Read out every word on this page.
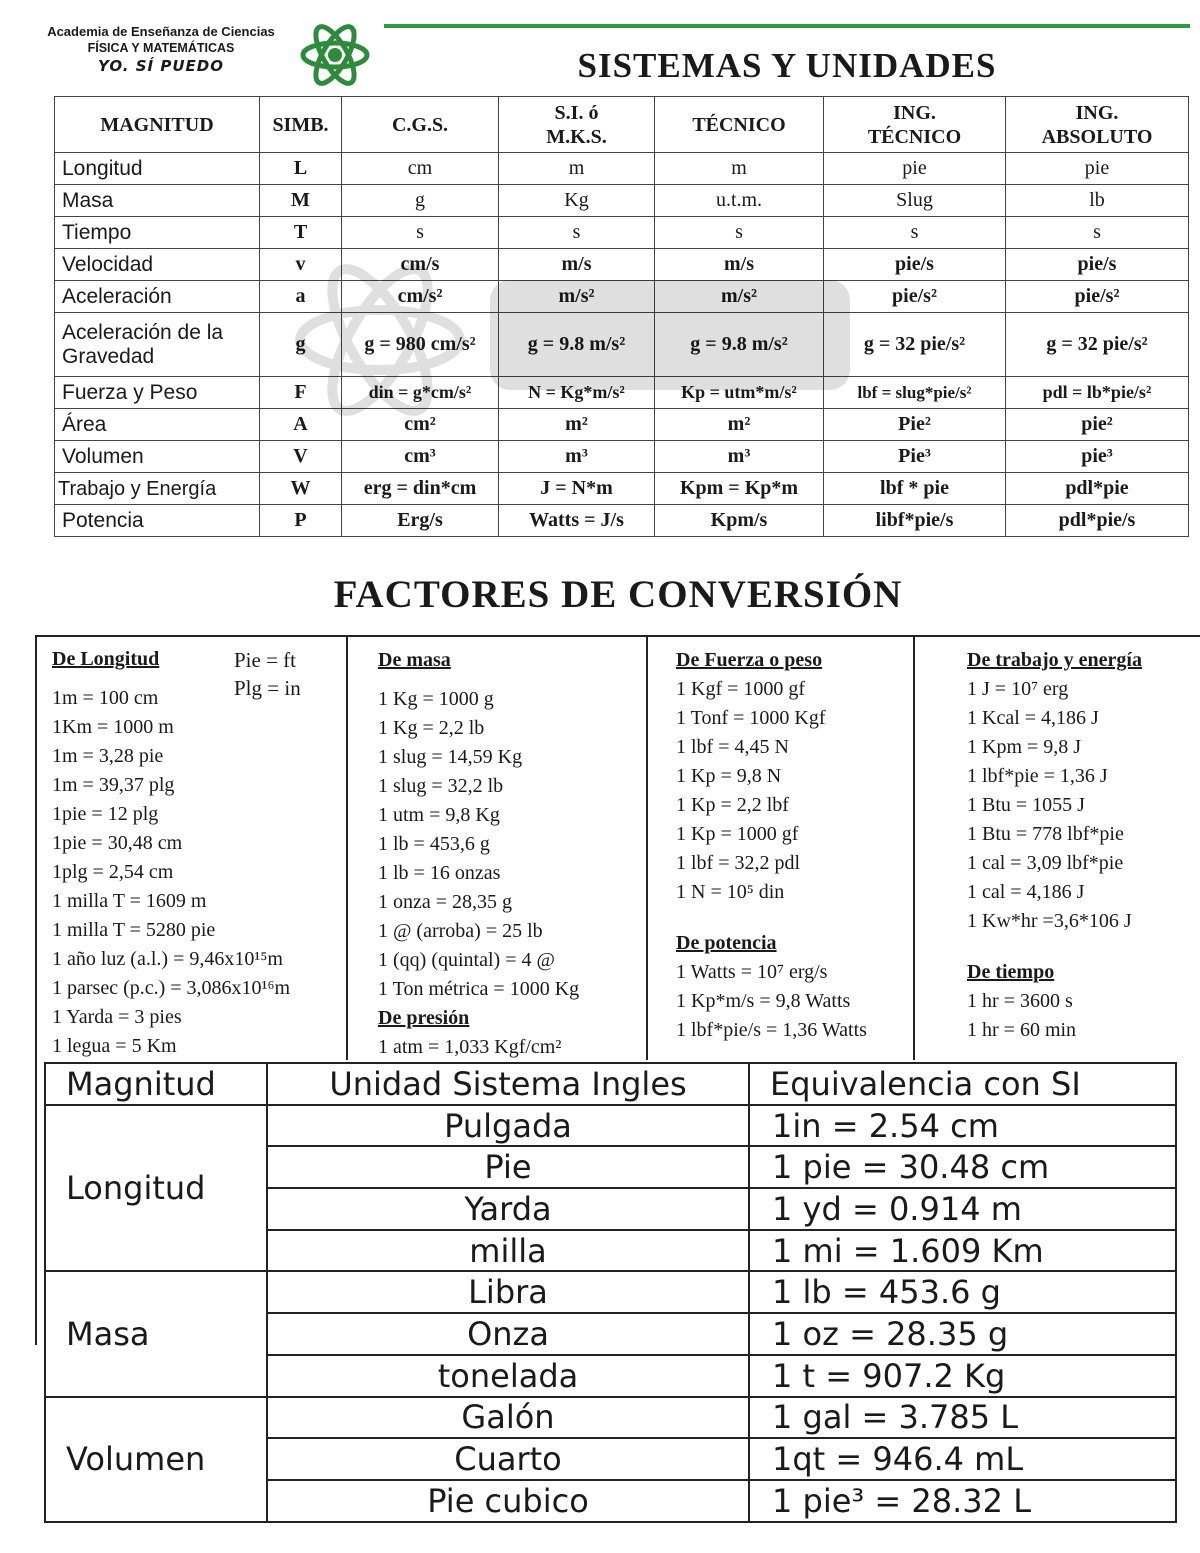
Academia de Enseñanza de Ciencias
FÍSICA Y MATEMÁTICAS
YO. SÍ PUEDO	SISTEMAS Y UNIDADES
MAGNITUD	SIMB.	C.G.S.	S.I. ó M.K.S.	TÉCNICO	ING. TÉCNICO	ING. ABSOLUTO
Longitud	L	cm	m	m	pie	pie
Masa	M	g	Kg	u.t.m.	Slug	lb
Tiempo	T	s	s	s	s	s
Velocidad	v	cm/s	m/s	m/s	pie/s	pie/s
Aceleración	a	cm/s²	m/s²	m/s²	pie/s²	pie/s²
Aceleración de la Gravedad	g	g = 980 cm/s²	g = 9.8 m/s²	g = 9.8 m/s²	g = 32 pie/s²	g = 32 pie/s²
Fuerza y Peso	F	din = g*cm/s²	N = Kg*m/s²	Kp = utm*m/s²	lbf = slug*pie/s²	pdl = lb*pie/s²
Área	A	cm²	m²	m²	Pie²	pie²
Volumen	V	cm³	m³	m³	Pie³	pie³
Trabajo y Energía	W	erg = din*cm	J = N*m	Kpm = Kp*m	lbf * pie	pdl*pie
Potencia	P	Erg/s	Watts = J/s	Kpm/s	libf*pie/s	pdl*pie/s
FACTORES DE CONVERSIÓN
De Longitud
1m = 100 cm
1Km = 1000 m
1m = 3,28 pie
1m = 39,37 plg
1pie = 12 plg
1pie = 30,48 cm
1plg = 2,54 cm
1 milla T = 1609 m
1 milla T = 5280 pie
1 año luz (a.l.) = 9,46x10¹⁵m
1 parsec (p.c.) = 3,086x10¹⁶m
1 Yarda = 3 pies
1 legua = 5 Km
Pie = ft
Plg = in
De masa
1 Kg = 1000 g
1 Kg = 2,2 lb
1 slug = 14,59 Kg
1 slug = 32,2 lb
1 utm = 9,8 Kg
1 lb = 453,6 g
1 lb = 16 onzas
1 onza = 28,35 g
1 @ (arroba) = 25 lb
1 (qq) (quintal) = 4 @
1 Ton métrica = 1000 Kg
De presión
1 atm = 1,033 Kgf/cm²
De Fuerza o peso
1 Kgf = 1000 gf
1 Tonf = 1000 Kgf
1 lbf = 4,45 N
1 Kp = 9,8 N
1 Kp = 2,2 lbf
1 Kp = 1000 gf
1 lbf = 32,2 pdl
1 N = 10⁵ din
De potencia
1 Watts = 10⁷ erg/s
1 Kp*m/s = 9,8 Watts
1 lbf*pie/s = 1,36 Watts
De trabajo y energía
1 J = 10⁷ erg
1 Kcal = 4,186 J
1 Kpm = 9,8 J
1 lbf*pie = 1,36 J
1 Btu = 1055 J
1 Btu = 778 lbf*pie
1 cal = 3,09 lbf*pie
1 cal = 4,186 J
1 Kw*hr =3,6*106 J
De tiempo
1 hr = 3600 s
1 hr = 60 min
Magnitud	Unidad Sistema Ingles	Equivalencia con SI
Longitud	Pulgada	1in = 2.54 cm
	Pie	1 pie = 30.48 cm
	Yarda	1 yd = 0.914 m
	milla	1 mi = 1.609 Km
Masa	Libra	1 lb = 453.6 g
	Onza	1 oz = 28.35 g
	tonelada	1 t = 907.2 Kg
Volumen	Galón	1 gal = 3.785 L
	Cuarto	1qt = 946.4 mL
	Pie cubico	1 pie³ = 28.32 L
